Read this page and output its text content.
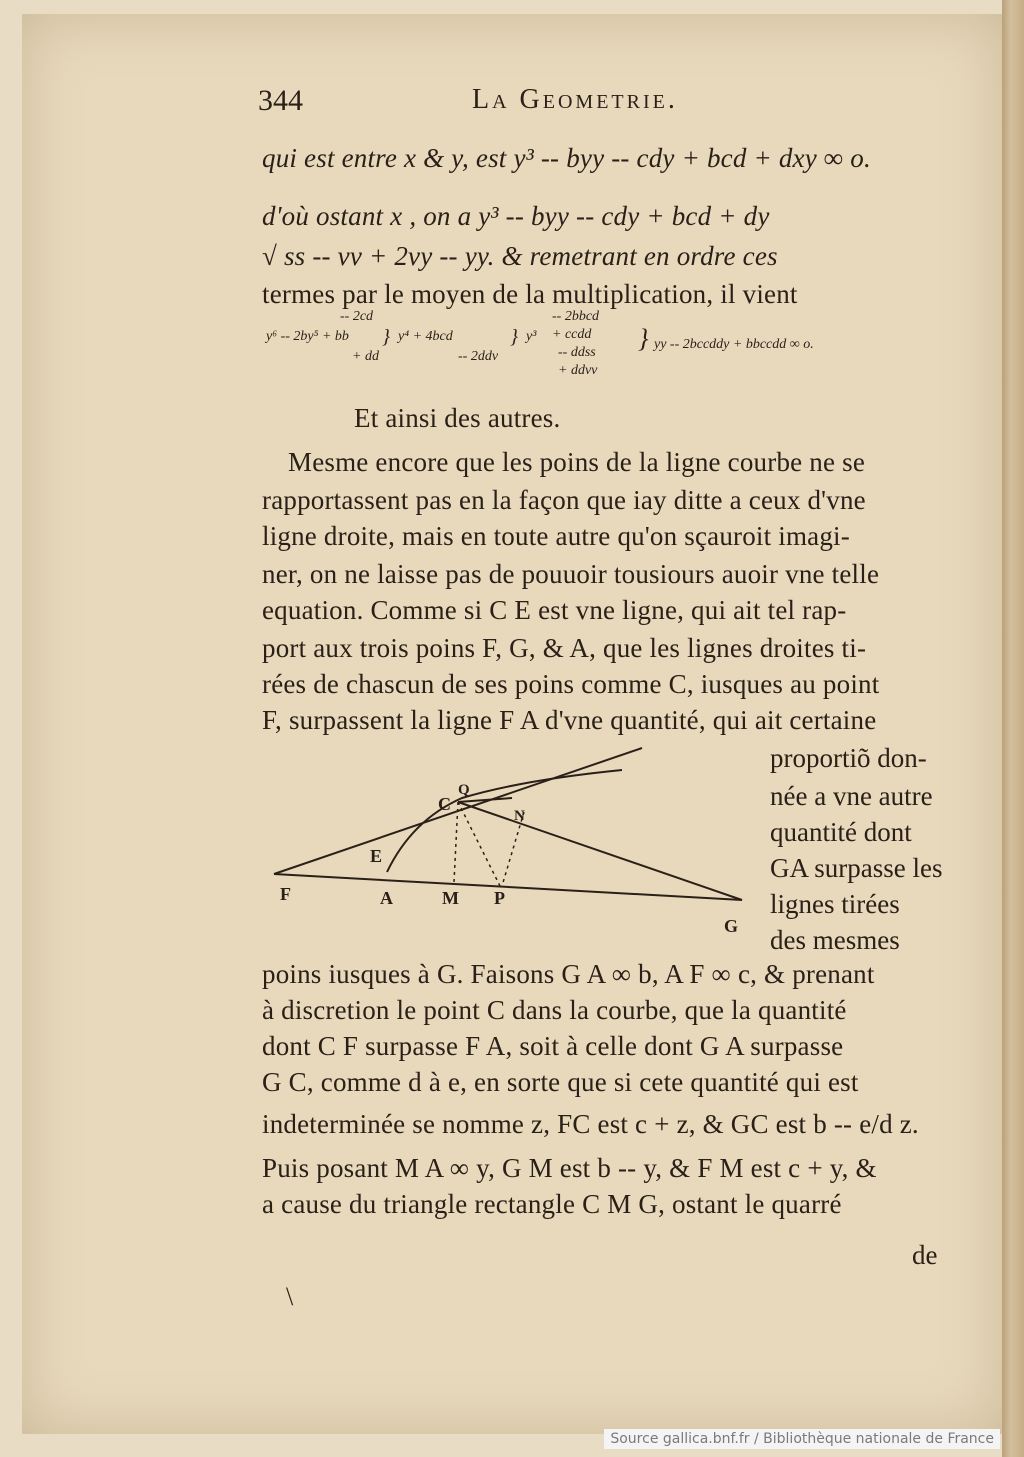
344	La Geometrie.
qui est entre x & y, est y³ -- byy -- cdy + bcd + dxy ∞ o.
d'où ostant x , on a y³ -- byy -- cdy + bcd + dy
√ ss -- vv + 2vy -- yy. & remetrant en ordre ces
termes par le moyen de la multiplication, il vient
-- 2cd
y⁶ -- 2by⁵ + bb
+ dd
} y⁴ + 4bcd
-- 2ddv
} y³
-- 2bbcd
+ ccdd
-- ddss
+ ddvv
} yy -- 2bccddy + bbccdd ∞ o.
Et ainsi des autres.
Mesme encore que les poins de la ligne courbe ne se
rapportassent pas en la façon que iay ditte a ceux d'vne
ligne droite, mais en toute autre qu'on sçauroit imagi-
ner, on ne laisse pas de pouuoir tousiours auoir vne telle
equation. Comme si C E est vne ligne, qui ait tel rap-
port aux trois poins F, G, & A, que les lignes droites ti-
rées de chascun de ses poins comme C, iusques au point
F, surpassent la ligne F A d'vne quantité, qui ait certaine
F	A	M P
G
C
Q
N
E
proportiõ don-
née a vne autre
quantité dont
GA surpasse les
lignes tirées
des mesmes
poins iusques à G. Faisons G A ∞ b, A F ∞ c, & prenant
à discretion le point C dans la courbe, que la quantité
dont C F surpasse F A, soit à celle dont G A surpasse
G C, comme d à e, en sorte que si cete quantité qui est
indeterminée se nomme z, FC est c + z, & GC est b -- e/d z.
Puis posant M A ∞ y, G M est b -- y, & F M est c + y, &
a cause du triangle rectangle C M G, ostant le quarré
de
\
Source gallica.bnf.fr / Bibliothèque nationale de France
